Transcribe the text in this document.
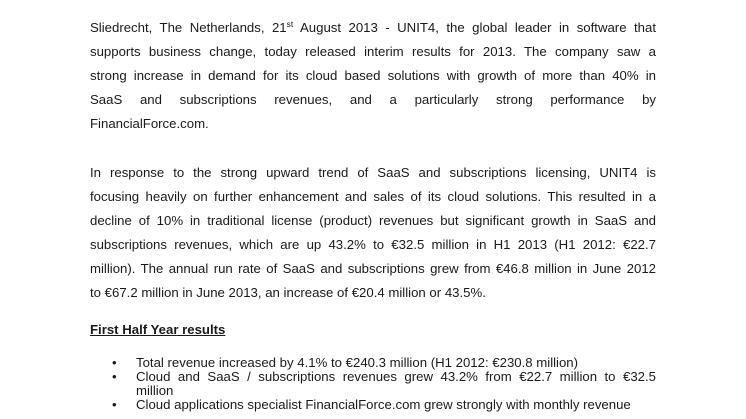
Sliedrecht, The Netherlands, 21st August 2013 - UNIT4, the global leader in software that
supports business change, today released interim results for 2013. The company saw a
strong increase in demand for its cloud based solutions with growth of more than 40% in
SaaS and subscriptions revenues, and a particularly strong performance by
FinancialForce.com.

In response to the strong upward trend of SaaS and subscriptions licensing, UNIT4 is
focusing heavily on further enhancement and sales of its cloud solutions. This resulted in a
decline of 10% in traditional license (product) revenues but significant growth in SaaS and
subscriptions revenues, which are up 43.2% to €32.5 million in H1 2013 (H1 2012: €22.7
million). The annual run rate of SaaS and subscriptions grew from €46.8 million in June 2012
to €67.2 million in June 2013, an increase of €20.4 million or 43.5%.

First Half Year results

•	Total revenue increased by 4.1% to €240.3 million (H1 2012: €230.8 million)
•	Cloud and SaaS / subscriptions revenues grew 43.2% from €22.7 million to €32.5
million
•	Cloud applications specialist FinancialForce.com grew strongly with monthly revenue
